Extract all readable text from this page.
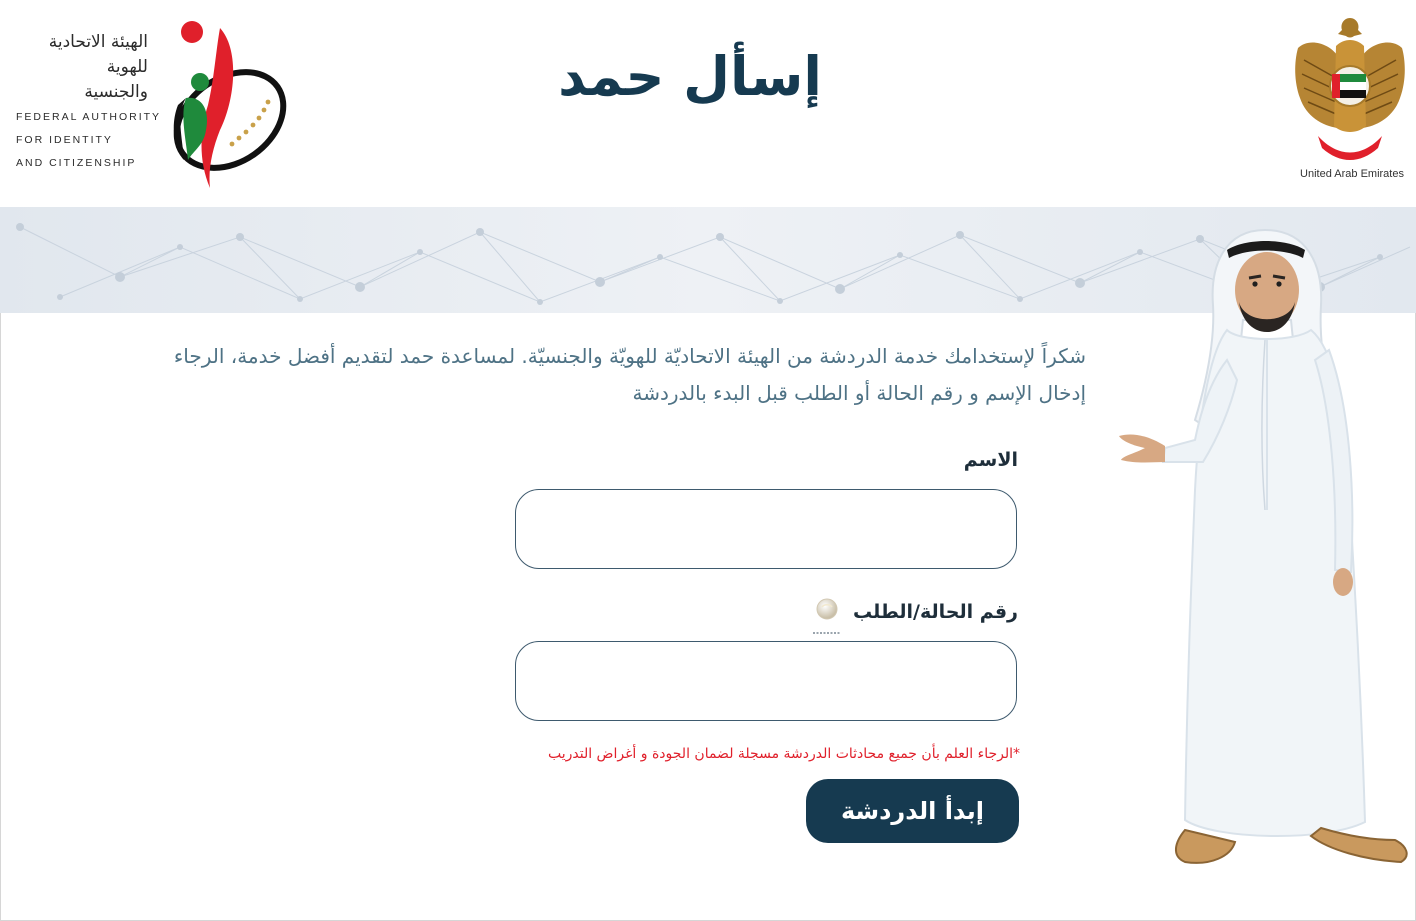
الهيئة الاتحادية
للهوية
والجنسية
FEDERAL AUTHORITY
FOR IDENTITY
AND CITIZENSHIP
إسأل حمد
United Arab Emirates
شكراً لإستخدامك خدمة الدردشة من الهيئة الاتحاديّة للهويّة والجنسيّة. لمساعدة حمد لتقديم أفضل خدمة، الرجاء إدخال الإسم و رقم الحالة أو الطلب قبل البدء بالدردشة
الاسم
رقم الحالة/الطلب
*الرجاء العلم بأن جميع محادثات الدردشة مسجلة لضمان الجودة و أغراض التدريب
إبدأ الدردشة
